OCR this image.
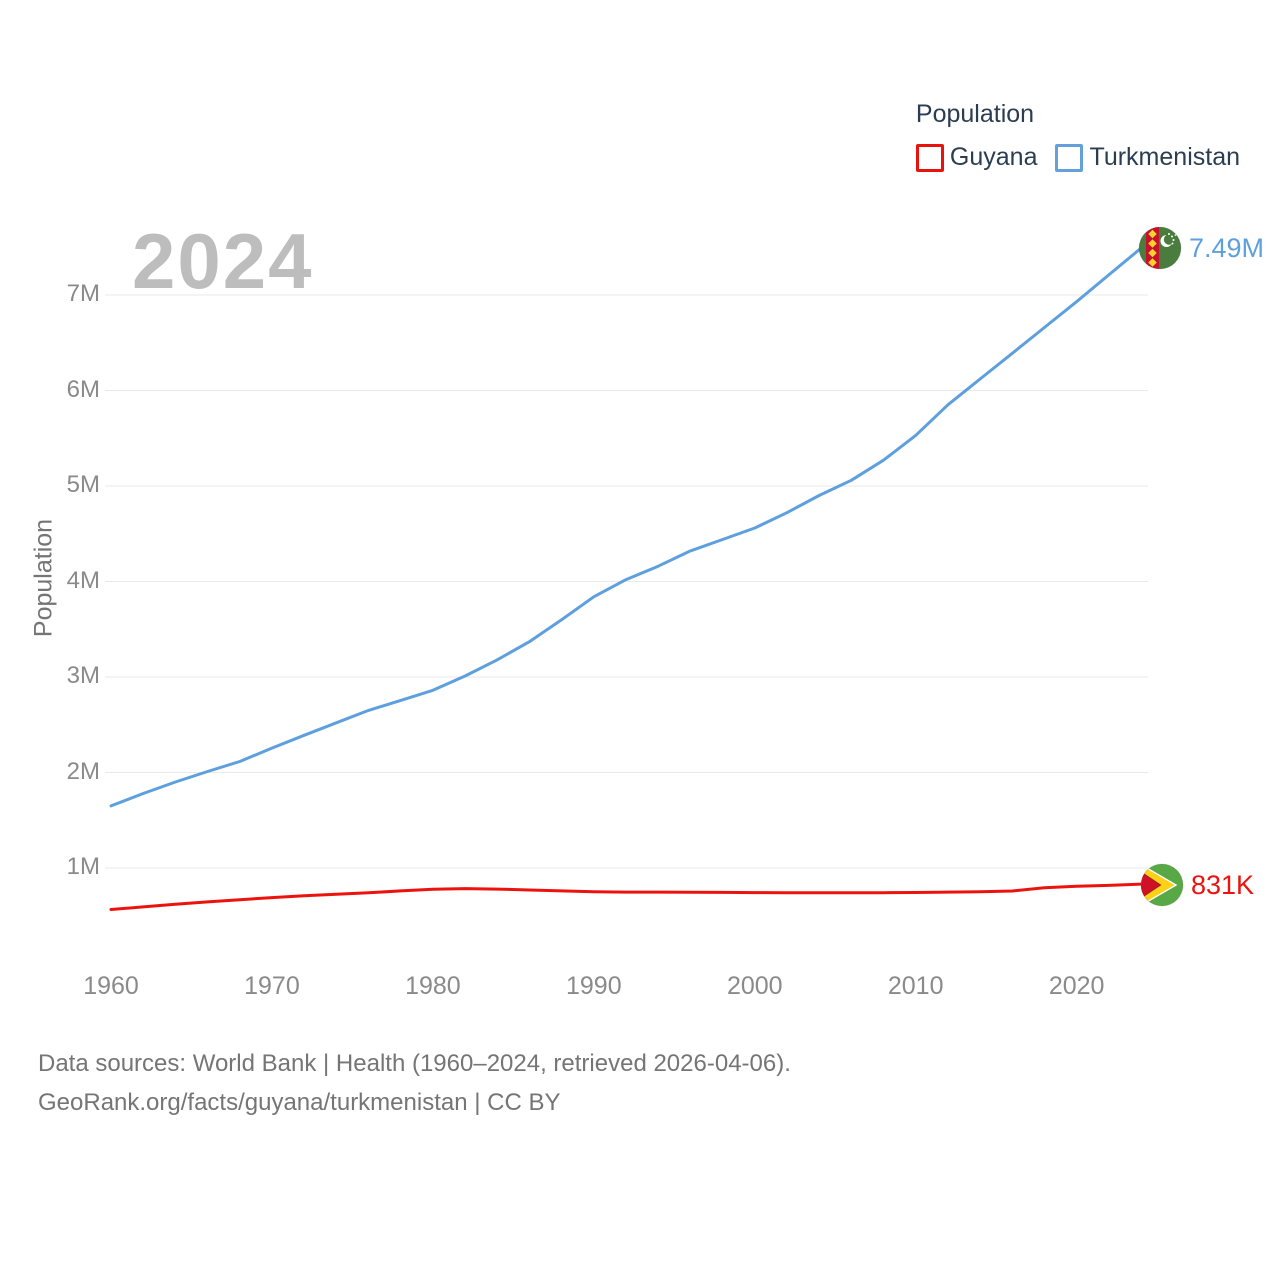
Population
Guyana Turkmenistan
2024
Population
7M
6M
5M
4M
3M
2M
1M
1960	1970	1980	1990	2000	2010	2020
7.49M
831K
Data sources: World Bank | Health (1960–2024, retrieved 2026-04-06).
GeoRank.org/facts/guyana/turkmenistan | CC BY
